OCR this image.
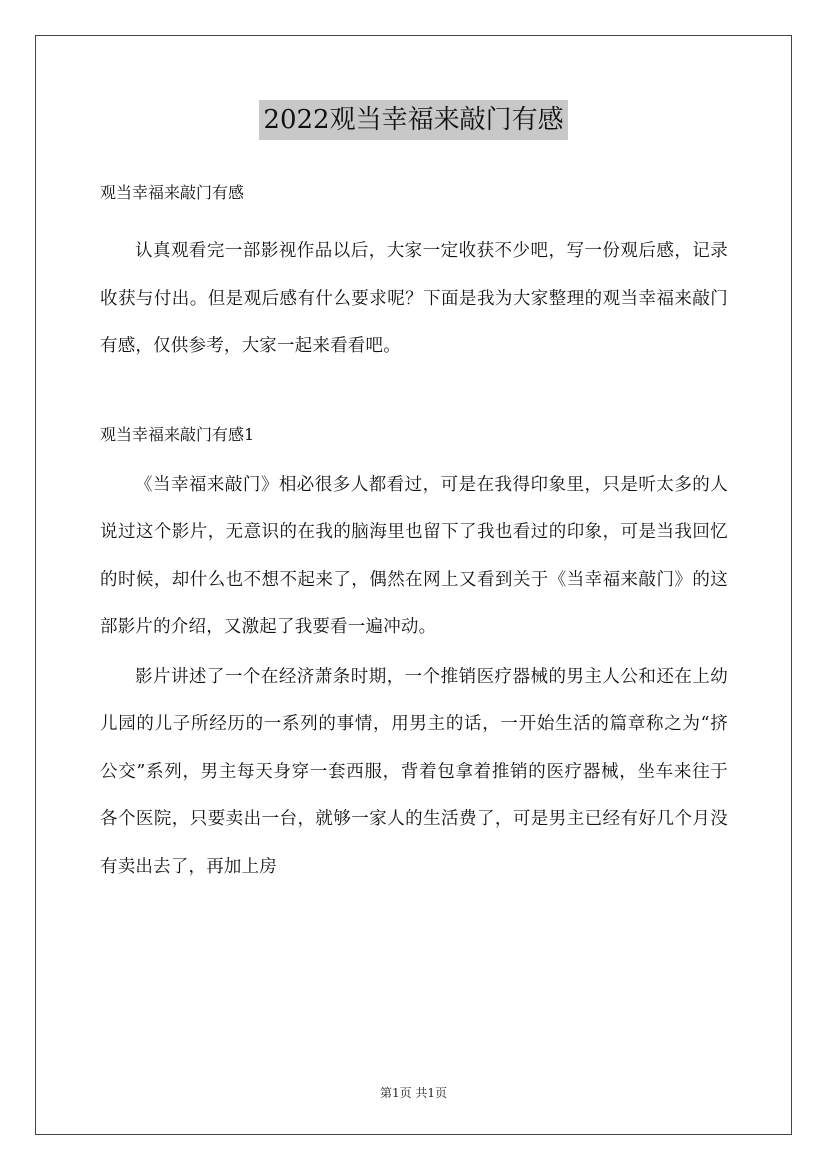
2022观当幸福来敲门有感

观当幸福来敲门有感

认真观看完一部影视作品以后，大家一定收获不少吧，写一份观后感，记录收获与付出。但是观后感有什么要求呢？下面是我为大家整理的观当幸福来敲门有感，仅供参考，大家一起来看看吧。

观当幸福来敲门有感1

《当幸福来敲门》相必很多人都看过，可是在我得印象里，只是听太多的人说过这个影片，无意识的在我的脑海里也留下了我也看过的印象，可是当我回忆的时候，却什么也不想不起来了，偶然在网上又看到关于《当幸福来敲门》的这部影片的介绍，又激起了我要看一遍冲动。

影片讲述了一个在经济萧条时期，一个推销医疗器械的男主人公和还在上幼儿园的儿子所经历的一系列的事情，用男主的话，一开始生活的篇章称之为“挤公交”系列，男主每天身穿一套西服，背着包拿着推销的医疗器械，坐车来往于各个医院，只要卖出一台，就够一家人的生活费了，可是男主已经有好几个月没有卖出去了，再加上房

第1页 共1页
